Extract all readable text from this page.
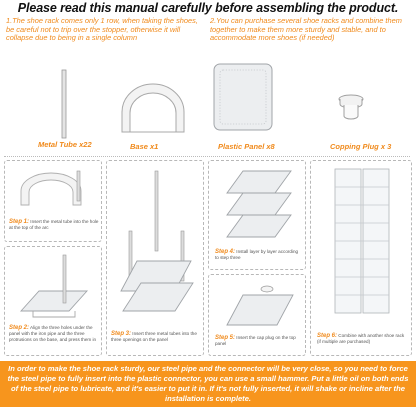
Please read this manual carefully before assembling the product.
1.The shoe rack comes only 1 row, when taking the shoes, be careful not to trip over the stopper, otherwise it will collapse due to being in a single column
2.You can purchase several shoe racks and combine them together to make them more sturdy and stable, and to accommodate more shoes (if needed)
Metal Tube x22	Base x1	Plastic Panel x8	Copping Plug x 3
Step 1: Insert the metal tube into the hole at the top of the arc
Step 2: Align the three holes under the panel with the iron pipe and the three protrusions on the base, and press them in
Step 3: Insert three metal tubes into the three openings on the panel
Step 4: Install layer by layer according to step three
Step 5: Insert the cap plug on the top panel
Step 6: Combine with another shoe rack (if multiple are purchased)
In order to make the shoe rack sturdy, our steel pipe and the connector will be very close, so you need to force the steel pipe to fully insert into the plastic connector, you can use a small hammer. Put a little oil on both ends of the steel pipe to lubricate, and it's easier to put it in. If it's not fully inserted, it will shake or incline after the installation is complete.
